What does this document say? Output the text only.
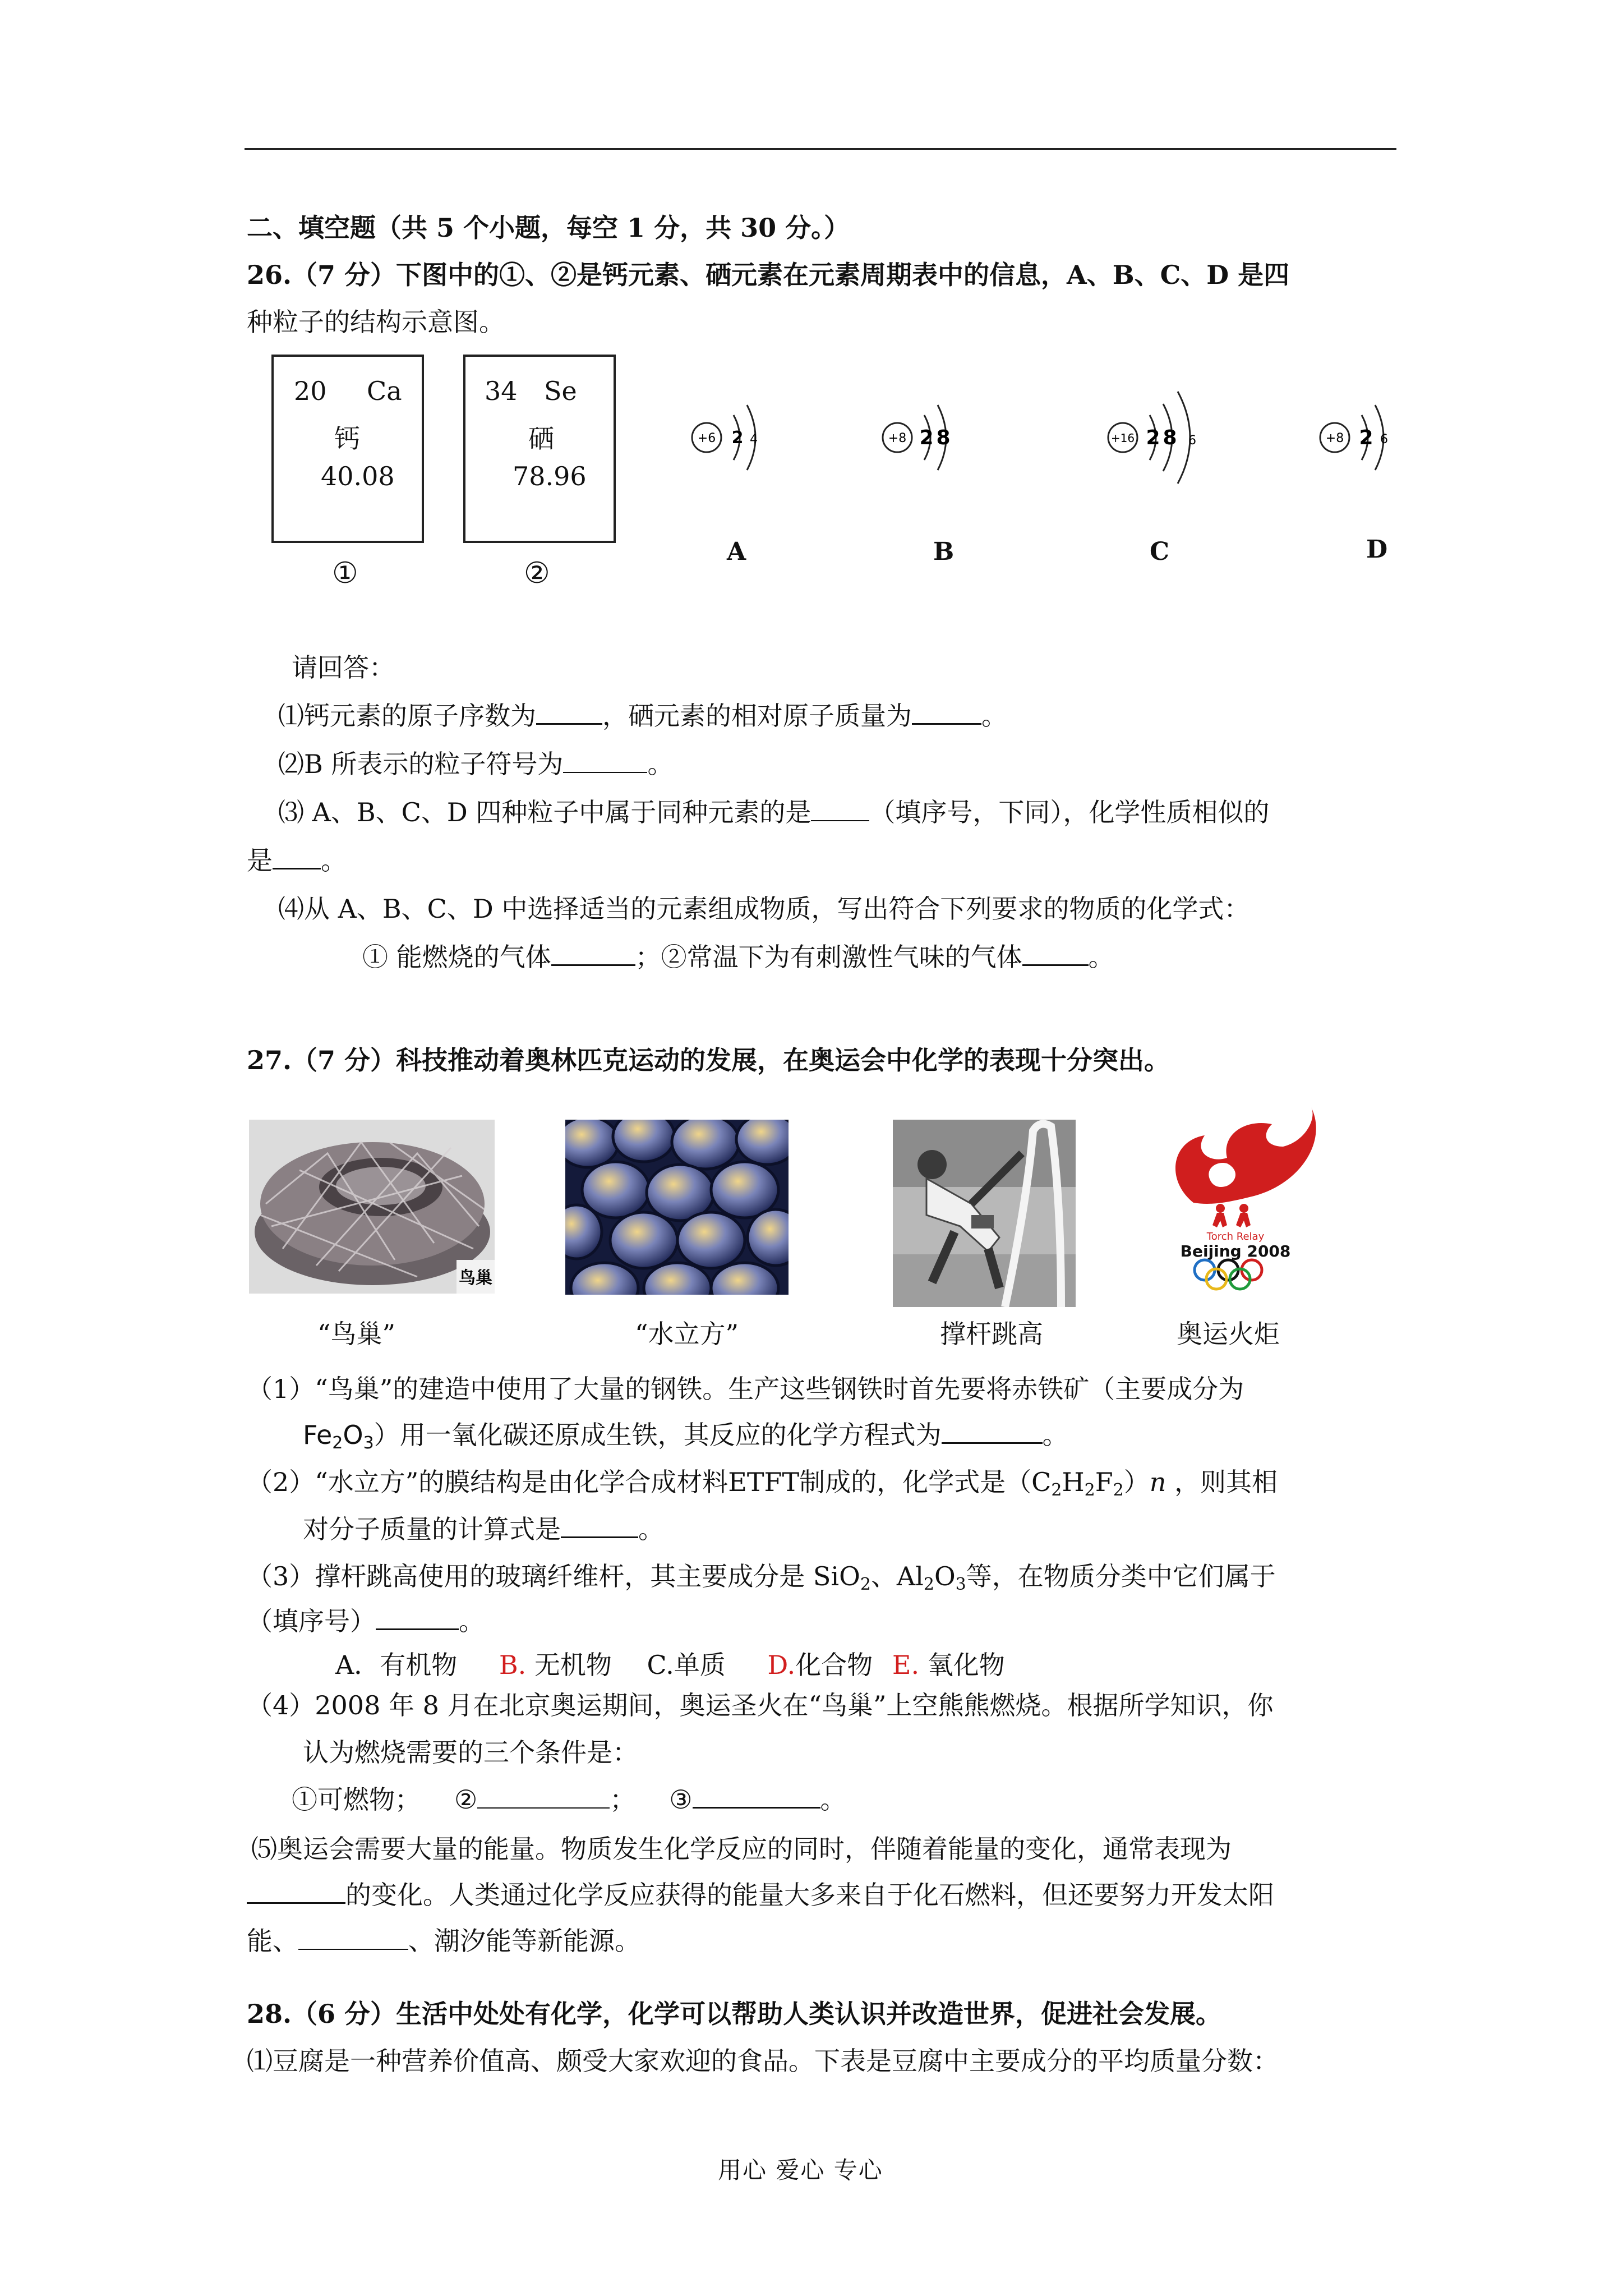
二、填空题（共 5 个小题，每空 1 分，共 30 分。）
26.（7 分）下图中的①、②是钙元素、硒元素在元素周期表中的信息，A、B、C、D 是四
种粒子的结构示意图。
20 Ca
钙
40.08
①
34 Se
硒
78.96
②
+6 2 4
A
+8 2 8
B
+16 2 8 6
C
+8 2 6
D
请回答：
⑴钙元素的原子序数为	，硒元素的相对原子质量为	。
⑵B 所表示的粒子符号为	。
⑶ A、B、C、D 四种粒子中属于同种元素的是 （填序号，下同），化学性质相似的
是 。
⑷从 A、B、C、D 中选择适当的元素组成物质，写出符合下列要求的物质的化学式：
① 能燃烧的气体	；②常温下为有刺激性气味的气体	。
27.（7 分）科技推动着奥林匹克运动的发展，在奥运会中化学的表现十分突出。
鸟巢
Torch Relay
Beijing 2008
“鸟巢”	“水立方”	撑杆跳高	奥运火炬
（1）“鸟巢”的建造中使用了大量的钢铁。生产这些钢铁时首先要将赤铁矿（主要成分为
$Fe_2O_3$）用一氧化碳还原成生铁，其反应的化学方程式为	。
（2）“水立方”的膜结构是由化学合成材料ETFT制成的，化学式是$(C_2H_2F_2)n$ ，则其相
对分子质量的计算式是	。
（3）撑杆跳高使用的玻璃纤维杆，其主要成分是 SiO$_2$、$Al_2O_3$等，在物质分类中它们属于
（填序号）	。
A．有机物 B. 无机物 C.单质 D.化合物 E. 氧化物
（4）2008 年 8 月在北京奥运期间，奥运圣火在“鸟巢”上空熊熊燃烧。根据所学知识，你
认为燃烧需要的三个条件是：
①可燃物； ②	； ③	。
⑸奥运会需要大量的能量。物质发生化学反应的同时，伴随着能量的变化，通常表现为
的变化。人类通过化学反应获得的能量大多来自于化石燃料，但还要努力开发太阳
能、	、潮汐能等新能源。
28.（6 分）生活中处处有化学，化学可以帮助人类认识并改造世界，促进社会发展。
⑴豆腐是一种营养价值高、颇受大家欢迎的食品。下表是豆腐中主要成分的平均质量分数：
用心 爱心 专心
